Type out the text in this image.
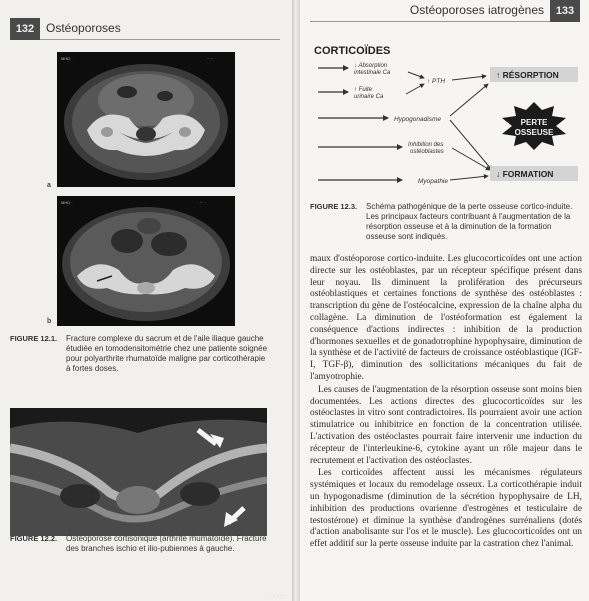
132 Ostéoporoses
MHD·.	·· ··
a
MHD ·	· ··· ·
b
FIGURE 12.1. Fracture complexe du sacrum et de l'aile iliaque gauche
étudiée en tomodensitométrie chez une patiente soignée
pour polyarthrite rhumatoïde maligne par corticothérapie
à fortes doses.
FIGURE 12.2. Ostéoporose cortisonique (arthrite rhumatoïde). Fracture
des branches ischio et ilio-pubiennes à gauche.
· · · · ·
Ostéoporoses iatrogènes	133
CORTICOÏDES
↓ Absorption
intestinale Ca
↑ Fuite
urinaire Ca
↑ PTH
↑ RÉSORPTION
Hypogonadisme
Inhibition des
ostéoblastes
Myopathie
↓ FORMATION
PERTE
OSSEUSE
FIGURE 12.3. Schéma pathogénique de la perte osseuse cortico-induite.
Les principaux facteurs contribuant à l'augmentation de la
résorption osseuse et à la diminution de la formation
osseuse sont indiqués.

maux d'ostéoporose cortico-induite. Les glucocorticoïdes ont une action directe sur les ostéoblastes, par un récepteur spécifique présent dans leur noyau. Ils diminuent la prolifération des précurseurs ostéoblastiques et certaines fonctions de synthèse des ostéoblastes : transcription du gène de l'ostéocalcine, expression de la chaîne alpha du collagène. La diminution de l'ostéoformation est également la conséquence d'actions indirectes : inhibition de la production d'hormones sexuelles et de gonadotrophine hypophysaire, diminution de la synthèse et de l'activité de facteurs de croissance ostéoblastique (IGF-I, TGF-β), diminution des sollicitations mécaniques du fait de l'amyotrophie.

Les causes de l'augmentation de la résorption osseuse sont moins bien documentées. Les actions directes des glucocorticoïdes sur les ostéoclastes in vitro sont contradictoires. Ils pourraient avoir une action stimulatrice ou inhibitrice en fonction de la concentration utilisée. L'activation des ostéoclastes pourrait faire intervenir une induction du récepteur de l'interleukine-6, cytokine ayant un rôle majeur dans le recrutement et l'activation des ostéoclastes.

Les corticoïdes affectent aussi les mécanismes régulateurs systémiques et locaux du remodelage osseux. La corticothérapie induit un hypogonadisme (diminution de la sécrétion hypophysaire de LH, inhibition des productions ovarienne d'estrogènes et testiculaire de testostérone) et diminue la synthèse d'androgènes surrénaliens (dotés d'action anabolisante sur l'os et le muscle). Les glucocorticoïdes ont un effet additif sur la perte osseuse induite par la castration chez l'animal.
